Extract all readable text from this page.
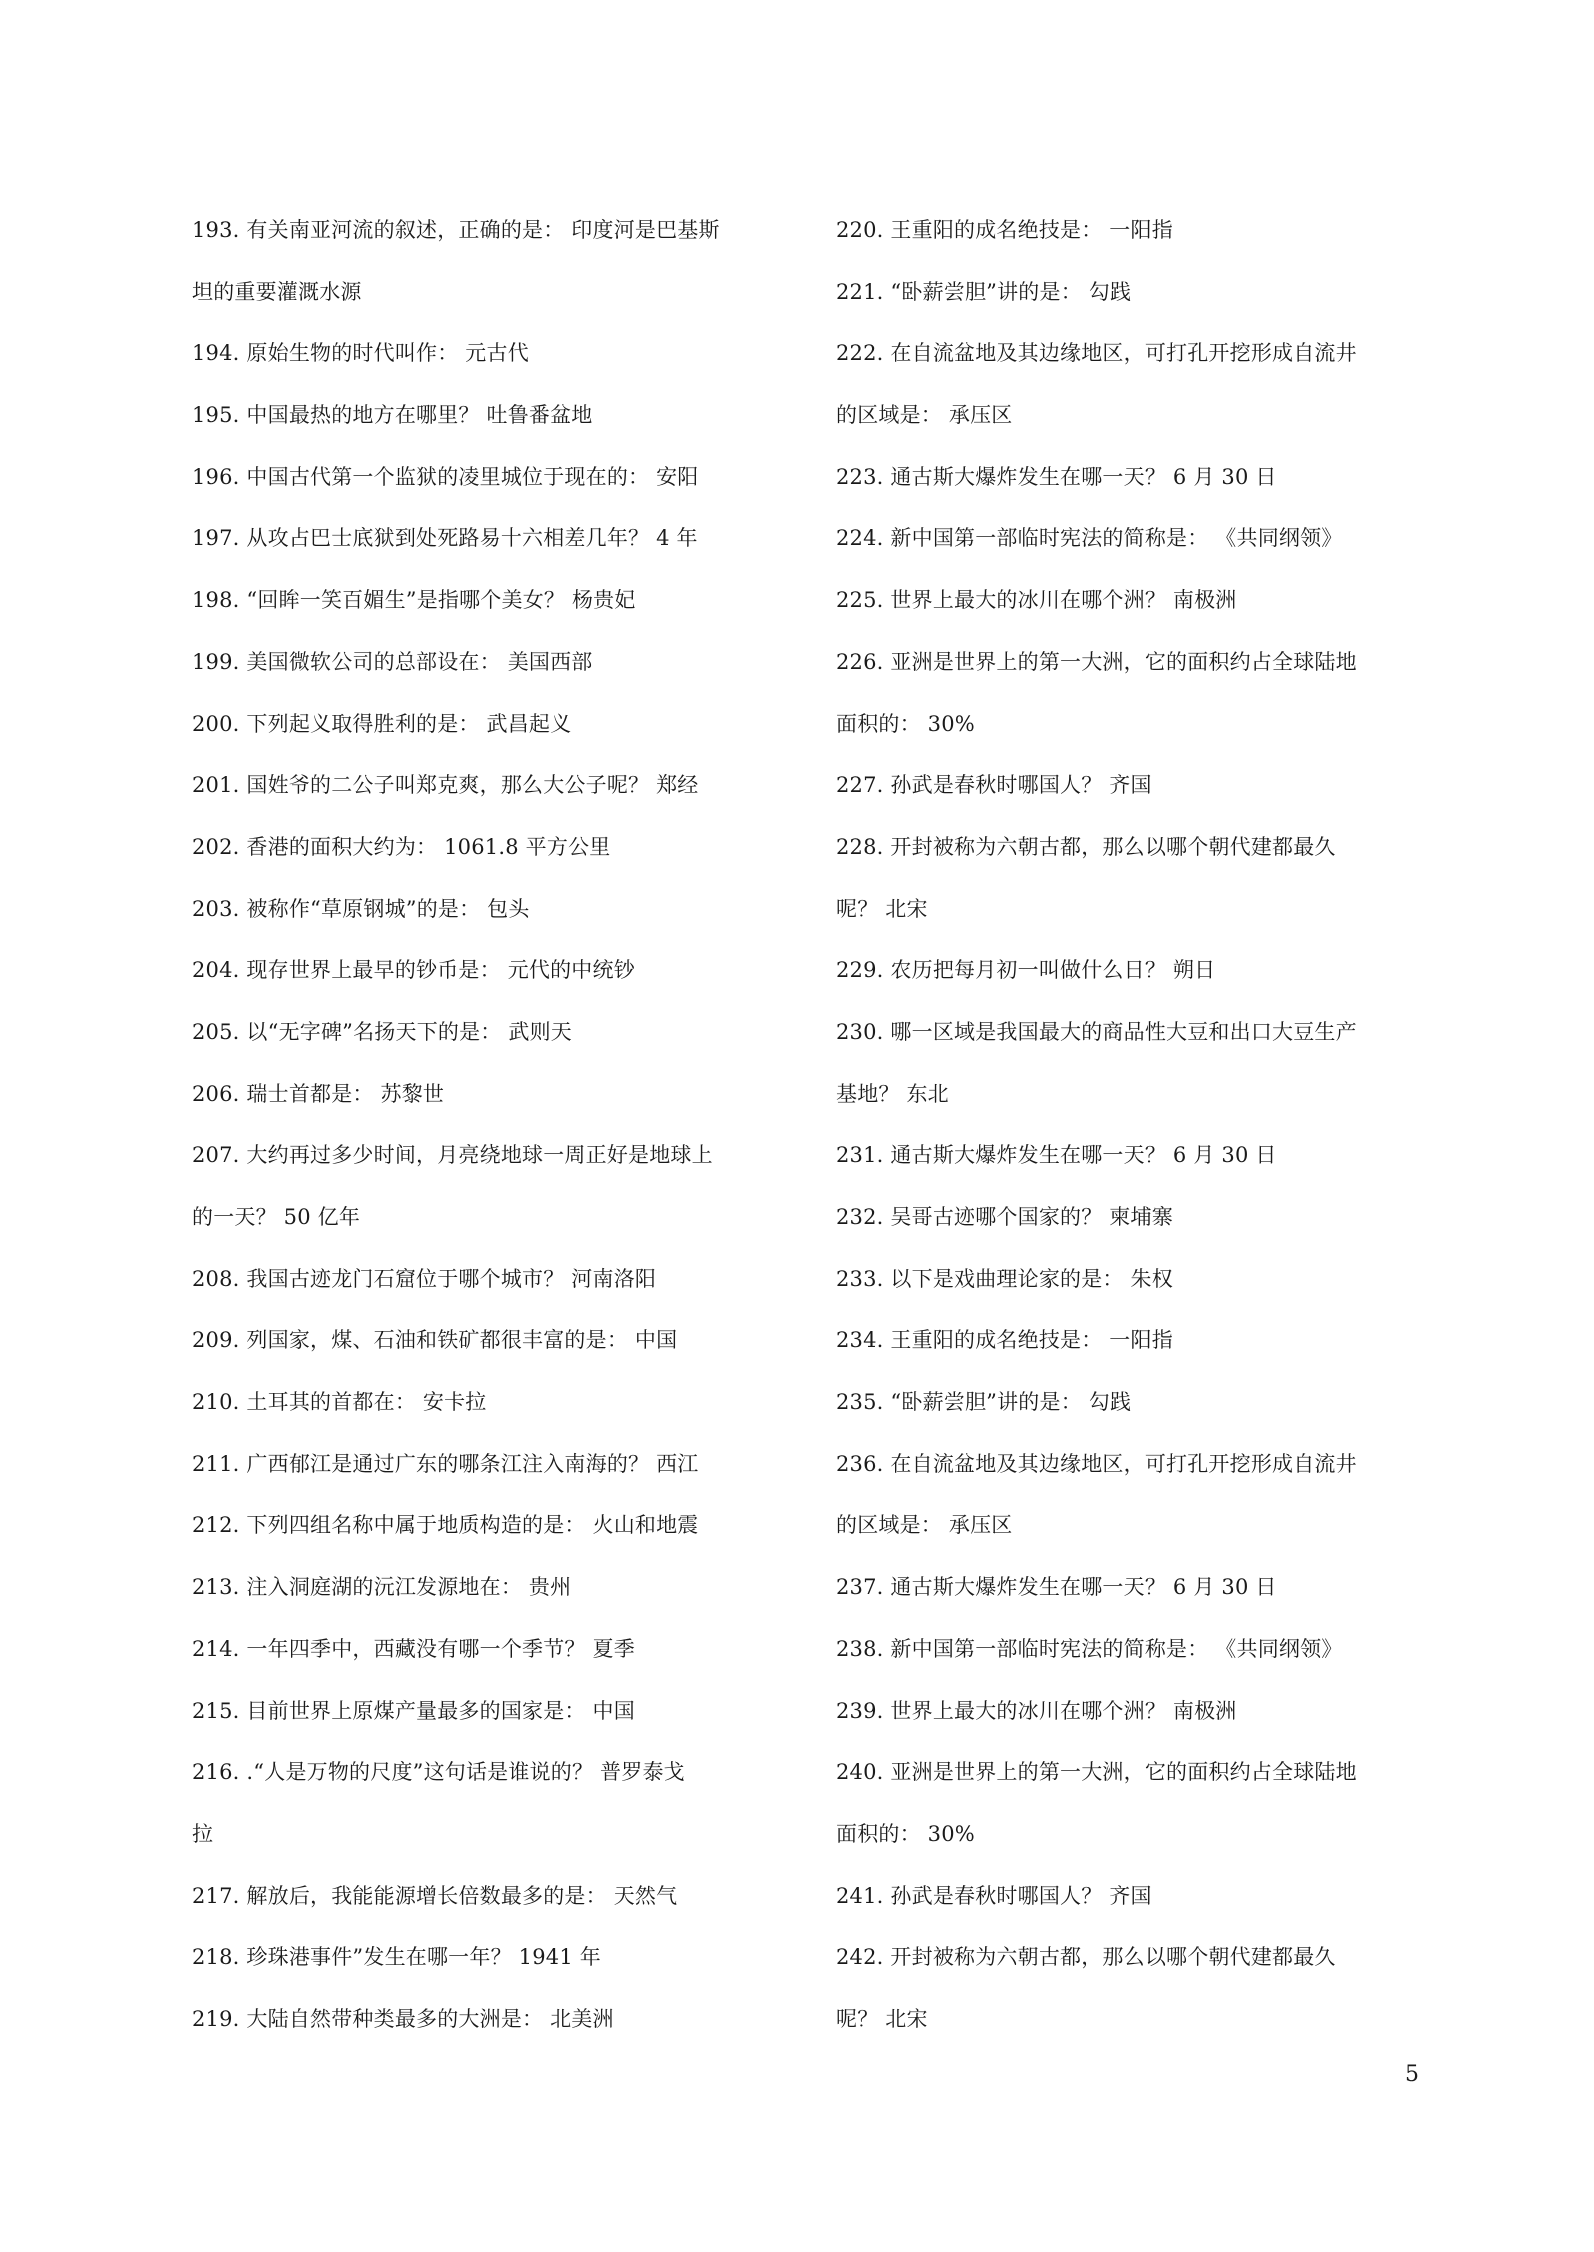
193. 有关南亚河流的叙述，正确的是： 印度河是巴基斯
坦的重要灌溉水源
194. 原始生物的时代叫作： 元古代
195. 中国最热的地方在哪里？ 吐鲁番盆地
196. 中国古代第一个监狱的凌里城位于现在的： 安阳
197. 从攻占巴士底狱到处死路易十六相差几年？ 4 年
198. “回眸一笑百媚生”是指哪个美女？ 杨贵妃
199. 美国微软公司的总部设在： 美国西部
200. 下列起义取得胜利的是： 武昌起义
201. 国姓爷的二公子叫郑克爽，那么大公子呢？ 郑经
202. 香港的面积大约为： 1061.8 平方公里
203. 被称作“草原钢城”的是： 包头
204. 现存世界上最早的钞币是： 元代的中统钞
205. 以“无字碑”名扬天下的是： 武则天
206. 瑞士首都是： 苏黎世
207. 大约再过多少时间，月亮绕地球一周正好是地球上
的一天？ 50 亿年
208. 我国古迹龙门石窟位于哪个城市？ 河南洛阳
209. 列国家，煤、石油和铁矿都很丰富的是： 中国
210. 土耳其的首都在： 安卡拉
211. 广西郁江是通过广东的哪条江注入南海的？ 西江
212. 下列四组名称中属于地质构造的是： 火山和地震
213. 注入洞庭湖的沅江发源地在： 贵州
214. 一年四季中，西藏没有哪一个季节？ 夏季
215. 目前世界上原煤产量最多的国家是： 中国
216. .“人是万物的尺度”这句话是谁说的？ 普罗泰戈
拉
217. 解放后，我能能源增长倍数最多的是： 天然气
218. 珍珠港事件”发生在哪一年？ 1941 年
219. 大陆自然带种类最多的大洲是： 北美洲
220. 王重阳的成名绝技是： 一阳指
221. “卧薪尝胆”讲的是： 勾践
222. 在自流盆地及其边缘地区，可打孔开挖形成自流井
的区域是： 承压区
223. 通古斯大爆炸发生在哪一天？ 6 月 30 日
224. 新中国第一部临时宪法的简称是： 《共同纲领》
225. 世界上最大的冰川在哪个洲？ 南极洲
226. 亚洲是世界上的第一大洲，它的面积约占全球陆地
面积的： 30%
227. 孙武是春秋时哪国人？ 齐国
228. 开封被称为六朝古都，那么以哪个朝代建都最久
呢？ 北宋
229. 农历把每月初一叫做什么日？ 朔日
230. 哪一区域是我国最大的商品性大豆和出口大豆生产
基地？ 东北
231. 通古斯大爆炸发生在哪一天？ 6 月 30 日
232. 吴哥古迹哪个国家的？ 柬埔寨
233. 以下是戏曲理论家的是： 朱权
234. 王重阳的成名绝技是： 一阳指
235. “卧薪尝胆”讲的是： 勾践
236. 在自流盆地及其边缘地区，可打孔开挖形成自流井
的区域是： 承压区
237. 通古斯大爆炸发生在哪一天？ 6 月 30 日
238. 新中国第一部临时宪法的简称是： 《共同纲领》
239. 世界上最大的冰川在哪个洲？ 南极洲
240. 亚洲是世界上的第一大洲，它的面积约占全球陆地
面积的： 30%
241. 孙武是春秋时哪国人？ 齐国
242. 开封被称为六朝古都，那么以哪个朝代建都最久
呢？ 北宋
5
